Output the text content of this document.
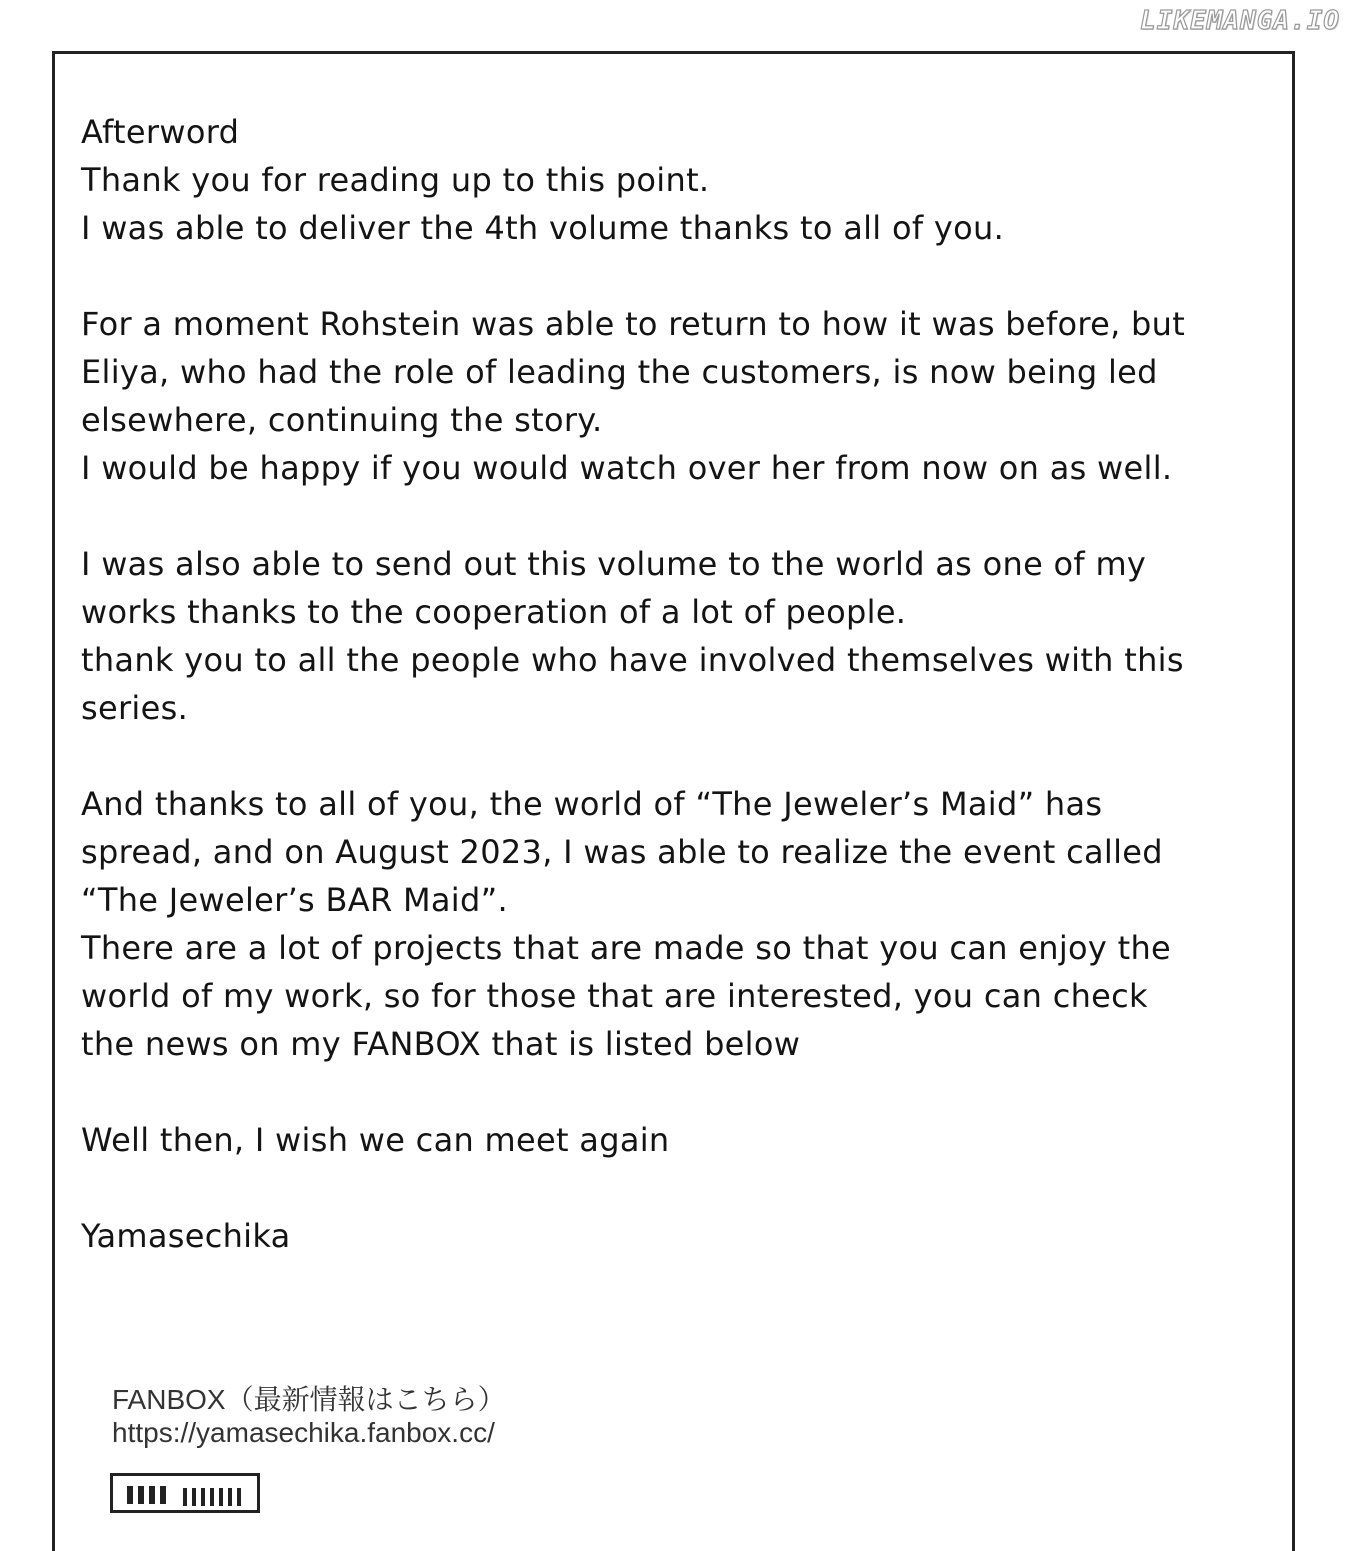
LIKEMANGA.IO
Afterword
Thank you for reading up to this point.
I was able to deliver the 4th volume thanks to all of you.
For a moment Rohstein was able to return to how it was before, but
Eliya, who had the role of leading the customers, is now being led
elsewhere, continuing the story.
I would be happy if you would watch over her from now on as well.
I was also able to send out this volume to the world as one of my
works thanks to the cooperation of a lot of people.
thank you to all the people who have involved themselves with this
series.
And thanks to all of you, the world of “The Jeweler’s Maid” has
spread, and on August 2023, I was able to realize the event called
“The Jeweler’s BAR Maid”.
There are a lot of projects that are made so that you can enjoy the
world of my work, so for those that are interested, you can check
the news on my FANBOX that is listed below
Well then, I wish we can meet again
Yamasechika
FANBOX（最新情報はこちら）
https://yamasechika.fanbox.cc/
